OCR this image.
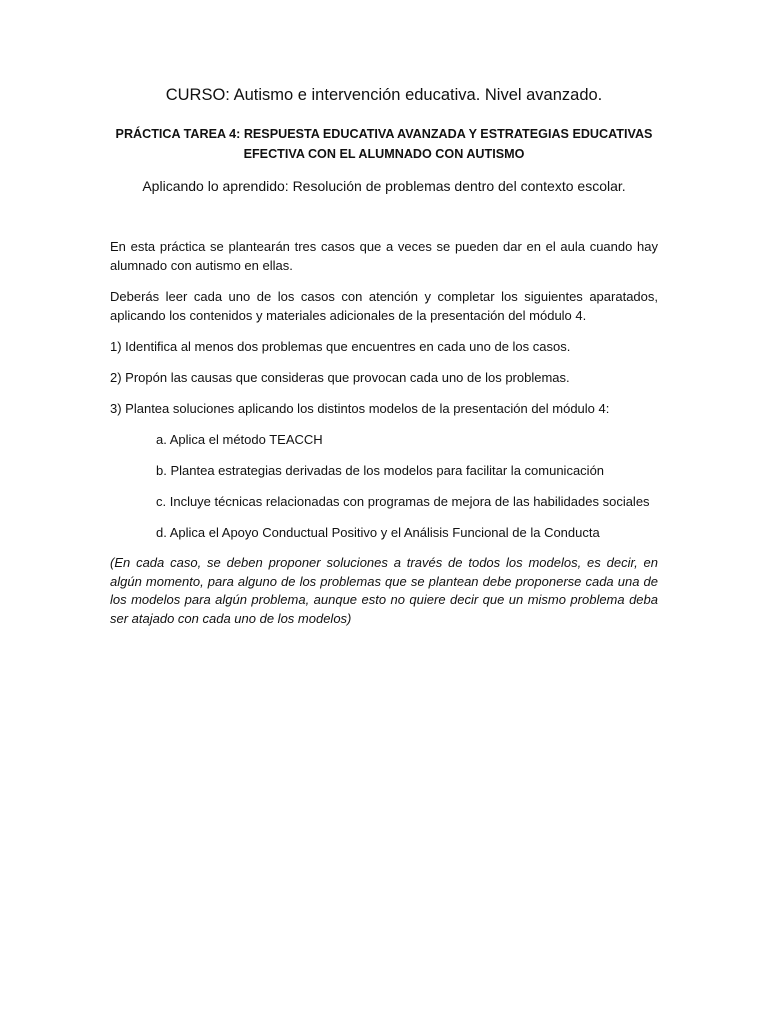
CURSO: Autismo e intervención educativa. Nivel avanzado.
PRÁCTICA TAREA 4: RESPUESTA EDUCATIVA AVANZADA Y ESTRATEGIAS EDUCATIVAS EFECTIVA CON EL ALUMNADO CON AUTISMO

Aplicando lo aprendido: Resolución de problemas dentro del contexto escolar.

En esta práctica se plantearán tres casos que a veces se pueden dar en el aula cuando hay alumnado con autismo en ellas.

Deberás leer cada uno de los casos con atención y completar los siguientes aparatados, aplicando los contenidos y materiales adicionales de la presentación del módulo 4.

1) Identifica al menos dos problemas que encuentres en cada uno de los casos.

2) Propón las causas que consideras que provocan cada uno de los problemas.

3) Plantea soluciones aplicando los distintos modelos de la presentación del módulo 4:

a. Aplica el método TEACCH

b. Plantea estrategias derivadas de los modelos para facilitar la comunicación

c. Incluye técnicas relacionadas con programas de mejora de las habilidades sociales

d. Aplica el Apoyo Conductual Positivo y el Análisis Funcional de la Conducta

(En cada caso, se deben proponer soluciones a través de todos los modelos, es decir, en algún momento, para alguno de los problemas que se plantean debe proponerse cada una de los modelos para algún problema, aunque esto no quiere decir que un mismo problema deba ser atajado con cada uno de los modelos)
